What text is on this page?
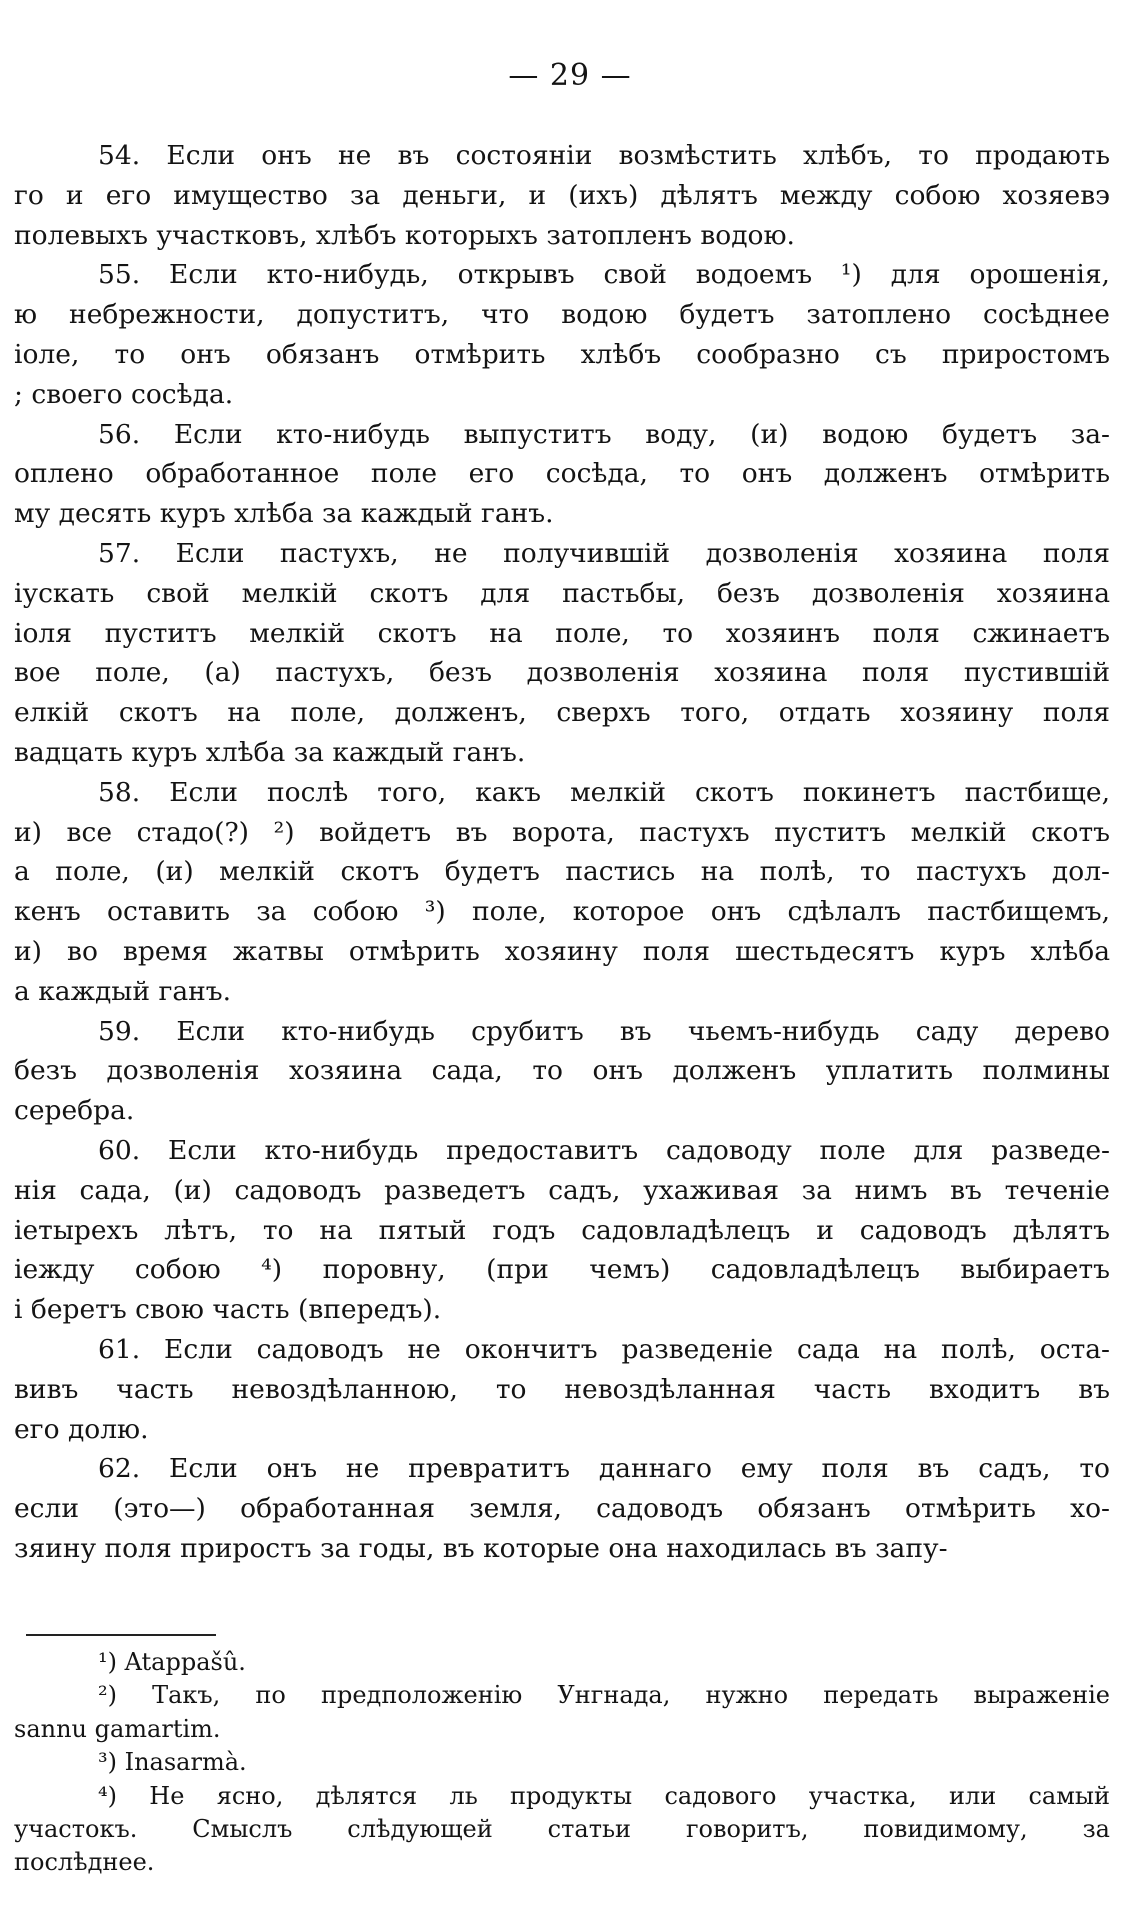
— 29 —
54. Если онъ не въ состоянiи возмѣстить хлѣбъ, то продають
го и его имущество за деньги, и (ихъ) дѣлятъ между собою хозяевэ
полевыхъ участковъ, хлѣбъ которыхъ затопленъ водою.
55. Если кто-нибудь, открывъ свой водоемъ ¹) для орошенiя,
ю небрежности, допуститъ, что водою будетъ затоплено сосѣднее
іоле, то онъ обязанъ отмѣрить хлѣбъ сообразно съ приростомъ
; своего сосѣда.
56. Если кто-нибудь выпуститъ воду, (и) водою будетъ за-
оплено обработанное поле его сосѣда, то онъ долженъ отмѣрить
му десять куръ хлѣба за каждый ганъ.
57. Если пастухъ, не получившiй дозволенiя хозяина поля
іускать свой мелкiй скотъ для пастьбы, безъ дозволенiя хозяина
іоля пуститъ мелкiй скотъ на поле, то хозяинъ поля сжинаетъ
вое поле, (а) пастухъ, безъ дозволенiя хозяина поля пустившiй
елкiй скотъ на поле, долженъ, сверхъ того, отдать хозяину поля
вадцать куръ хлѣба за каждый ганъ.
58. Если послѣ того, какъ мелкiй скотъ покинетъ пастбище,
и) все стадо(?) ²) войдетъ въ ворота, пастухъ пуститъ мелкiй скотъ
а поле, (и) мелкiй скотъ будетъ пастись на полѣ, то пастухъ дол-
кенъ оставить за собою ³) поле, которое онъ сдѣлалъ пастбищемъ,
и) во время жатвы отмѣрить хозяину поля шестьдесятъ куръ хлѣба
а каждый ганъ.
59. Если кто-нибудь срубитъ въ чьемъ-нибудь саду дерево
безъ дозволенiя хозяина сада, то онъ долженъ уплатить полмины
серебра.
60. Если кто-нибудь предоставитъ садоводу поле для разведе-
нiя сада, (и) садоводъ разведетъ садъ, ухаживая за нимъ въ теченiе
іетырехъ лѣтъ, то на пятый годъ садовладѣлецъ и садоводъ дѣлятъ
іежду собою ⁴) поровну, (при чемъ) садовладѣлецъ выбираетъ
і беретъ свою часть (впередъ).
61. Если садоводъ не окончитъ разведенiе сада на полѣ, оста-
вивъ часть невоздѣланною, то невоздѣланная часть входитъ въ
его долю.
62. Если онъ не превратитъ даннаго ему поля въ садъ, то
если (это—) обработанная земля, садоводъ обязанъ отмѣрить хо-
зяину поля приростъ за годы, въ которые она находилась въ запу-
¹) Atappašû.
²) Такъ, по предположенiю Унгнада, нужно передать выраженiе
sannu gamartim.
³) Inasarmà.
⁴) Не ясно, дѣлятся ль продукты садового участка, или самый
участокъ. Смыслъ слѣдующей статьи говоритъ, повидимому, за
послѣднее.
